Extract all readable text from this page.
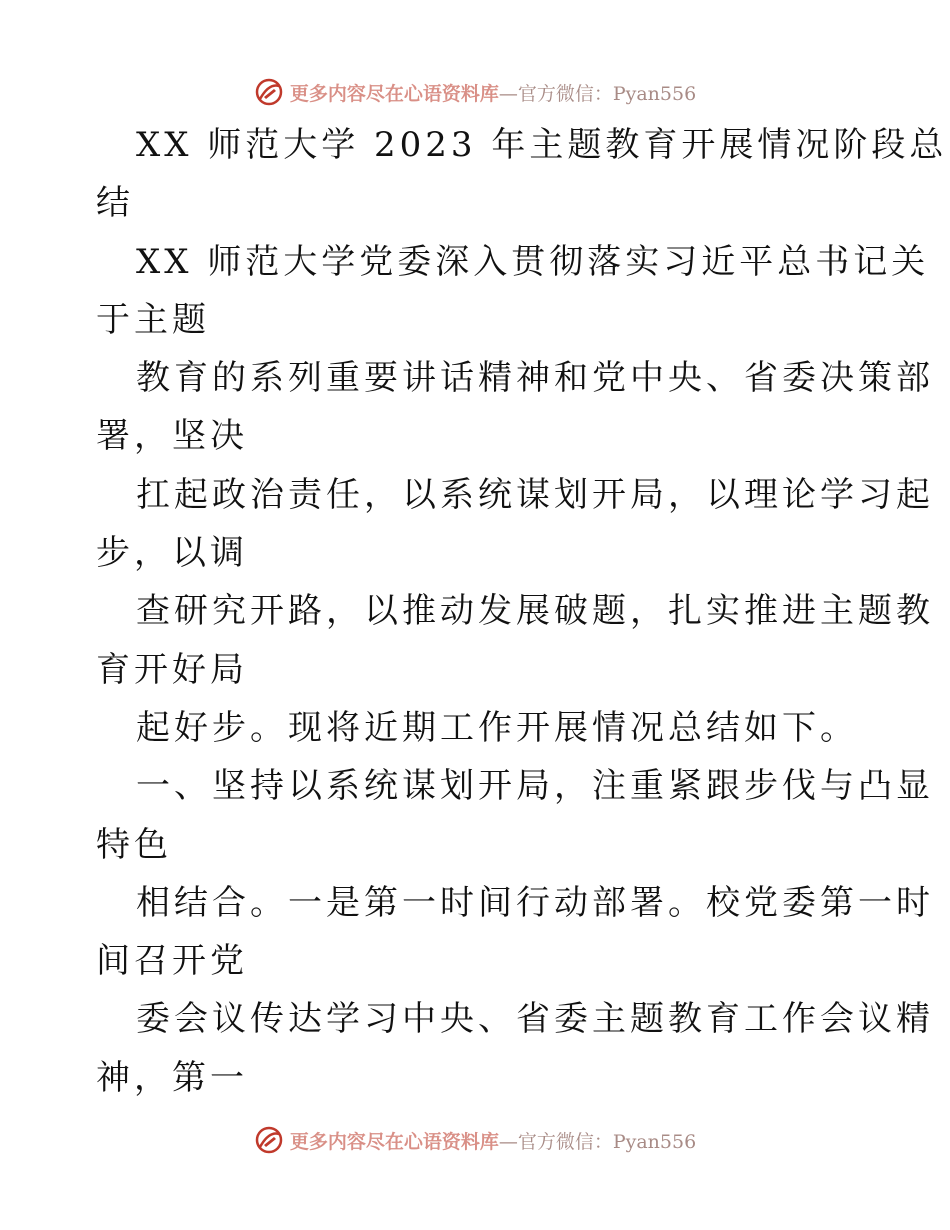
更多内容尽在心语资料库—官方微信：Pyan556
XX 师范大学 2023 年主题教育开展情况阶段总
结
XX 师范大学党委深入贯彻落实习近平总书记关
于主题
教育的系列重要讲话精神和党中央、省委决策部
署，坚决
扛起政治责任，以系统谋划开局，以理论学习起
步，以调
查研究开路，以推动发展破题，扎实推进主题教
育开好局
起好步。现将近期工作开展情况总结如下。
一、坚持以系统谋划开局，注重紧跟步伐与凸显
特色
相结合。一是第一时间行动部署。校党委第一时
间召开党
委会议传达学习中央、省委主题教育工作会议精
神，第一
更多内容尽在心语资料库—官方微信：Pyan556
